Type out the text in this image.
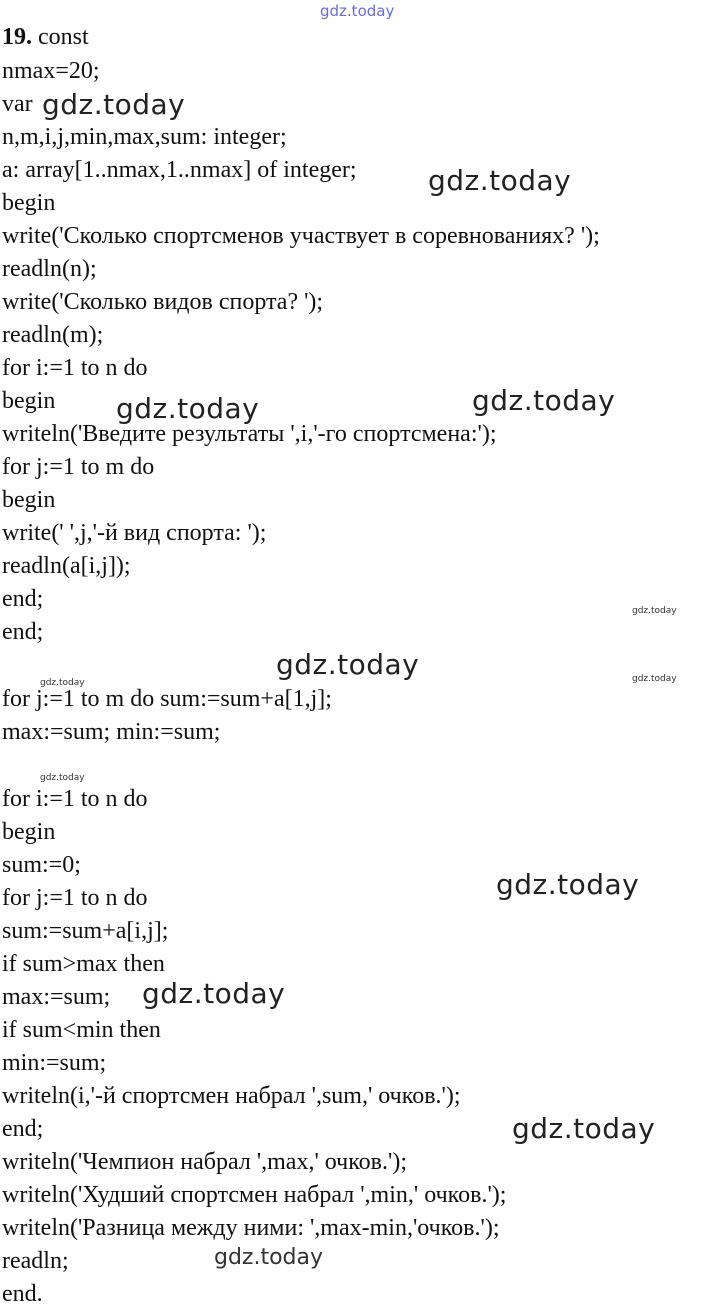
19. const
nmax=20;
var
n,m,i,j,min,max,sum: integer;
a: array[1..nmax,1..nmax] of integer;
begin
write('Сколько спортсменов участвует в соревнованиях? ');
readln(n);
write('Сколько видов спорта? ');
readln(m);
for i:=1 to n do
begin
writeln('Введите результаты ',i,'-го спортсмена:');
for j:=1 to m do
begin
write(' ',j,'-й вид спорта: ');
readln(a[i,j]);
end;
end;
for j:=1 to m do sum:=sum+a[1,j];
max:=sum; min:=sum;
for i:=1 to n do
begin
sum:=0;
for j:=1 to n do
sum:=sum+a[i,j];
if sum>max then
max:=sum;
if sum<min then
min:=sum;
writeln(i,'-й спортсмен набрал ',sum,' очков.');
end;
writeln('Чемпион набрал ',max,' очков.');
writeln('Худший спортсмен набрал ',min,' очков.');
writeln('Разница между ними: ',max-min,'очков.');
readln;
end.
gdz.today
gdz.today
gdz.today
gdz.today	gdz.today
gdz.today
gdz.today
gdz.today	gdz.today
gdz.today
gdz.today
gdz.today
gdz.today
gdz.today
